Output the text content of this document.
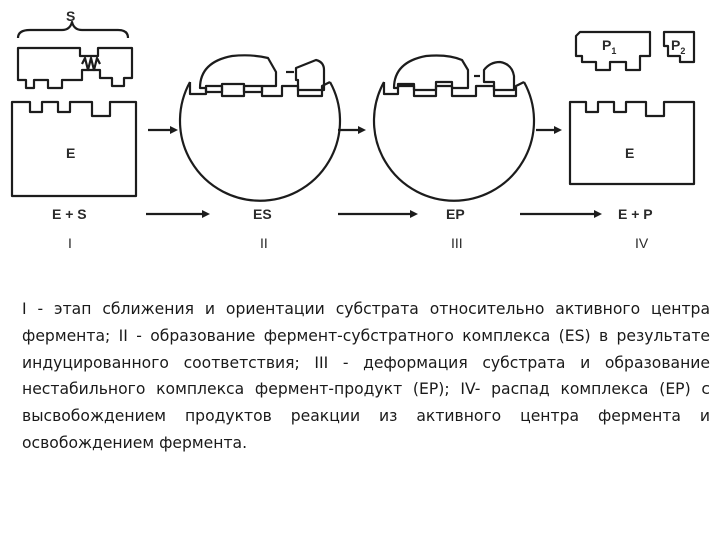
S
E
$P_1$	$P_2$
E
E + S	ES	EP	E + P
I	II	III	IV

I - этап сближения и ориентации субстрата относительно активного центра фермента; II - образование фермент-субстратного комплекса (ES) в результате индуцированного соответствия; III - деформация субстрата и образование нестабильного комплекса фермент-продукт (EP); IV- распад комплекса (EP) с высвобождением продуктов реакции из активного центра фермента и освобождением фермента.
